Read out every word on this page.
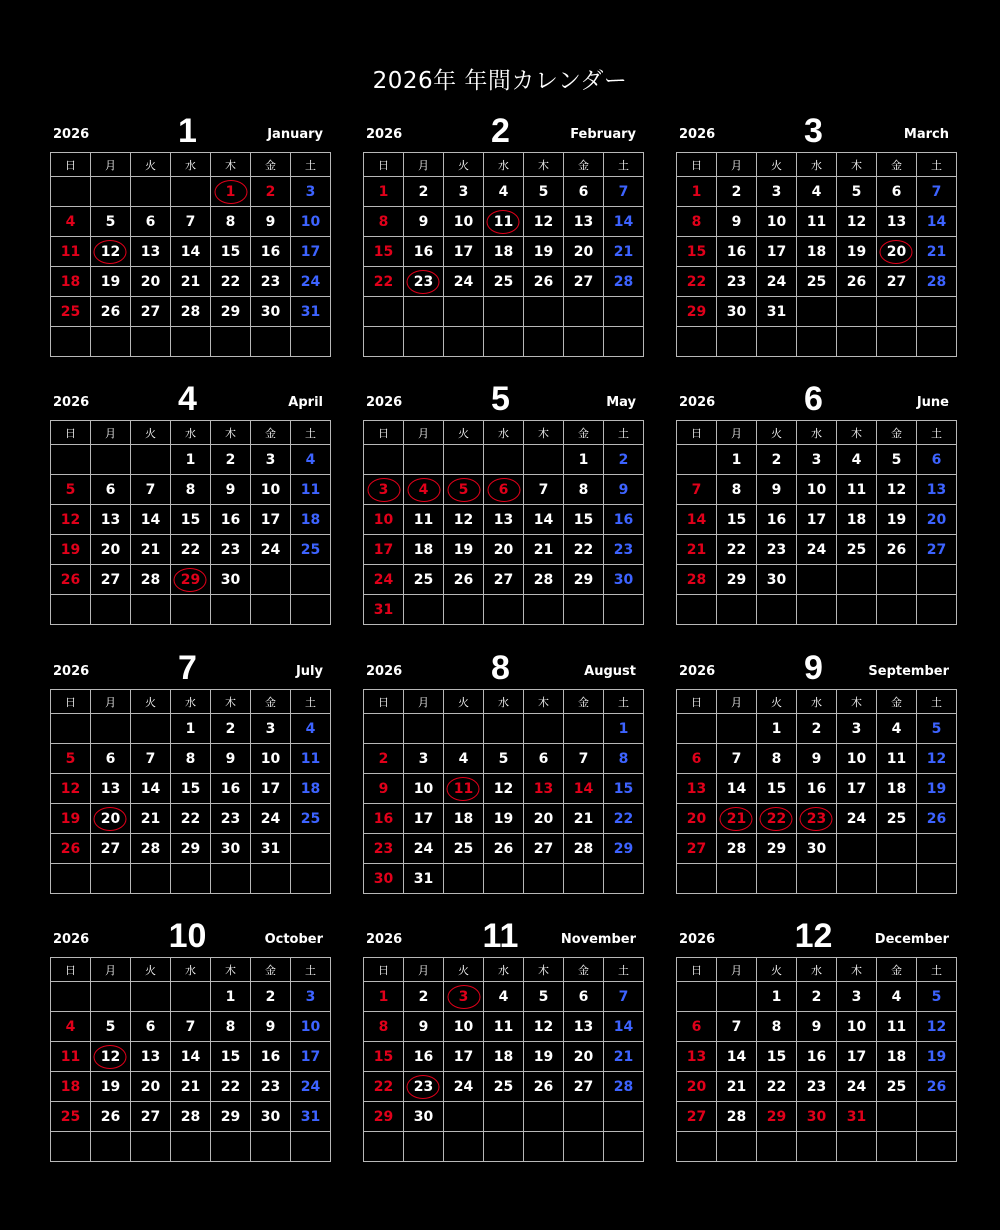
2026年 年間カレンダー
2026	1	January
日	月	火	水	木	金	土
				1	2	3
4	5	6	7	8	9	10
11	12	13	14	15	16	17
18	19	20	21	22	23	24
25	26	27	28	29	30	31

2026	2	February
日	月	火	水	木	金	土
1	2	3	4	5	6	7
8	9	10	11	12	13	14
15	16	17	18	19	20	21
22	23	24	25	26	27	28

2026	3	March
日	月	火	水	木	金	土
1	2	3	4	5	6	7
8	9	10	11	12	13	14
15	16	17	18	19	20	21
22	23	24	25	26	27	28
29	30	31				

2026	4	April
日	月	火	水	木	金	土
			1	2	3	4
5	6	7	8	9	10	11
12	13	14	15	16	17	18
19	20	21	22	23	24	25
26	27	28	29	30		

2026	5	May
日	月	火	水	木	金	土
					1	2
3	4	5	6	7	8	9
10	11	12	13	14	15	16
17	18	19	20	21	22	23
24	25	26	27	28	29	30
31						
2026	6	June
日	月	火	水	木	金	土
	1	2	3	4	5	6
7	8	9	10	11	12	13
14	15	16	17	18	19	20
21	22	23	24	25	26	27
28	29	30				

2026	7	July
日	月	火	水	木	金	土
			1	2	3	4
5	6	7	8	9	10	11
12	13	14	15	16	17	18
19	20	21	22	23	24	25
26	27	28	29	30	31	

2026	8	August
日	月	火	水	木	金	土
						1
2	3	4	5	6	7	8
9	10	11	12	13	14	15
16	17	18	19	20	21	22
23	24	25	26	27	28	29
30	31					
2026	9	September
日	月	火	水	木	金	土
		1	2	3	4	5
6	7	8	9	10	11	12
13	14	15	16	17	18	19
20	21	22	23	24	25	26
27	28	29	30			

2026	10	October
日	月	火	水	木	金	土
				1	2	3
4	5	6	7	8	9	10
11	12	13	14	15	16	17
18	19	20	21	22	23	24
25	26	27	28	29	30	31

2026	11	November
日	月	火	水	木	金	土
1	2	3	4	5	6	7
8	9	10	11	12	13	14
15	16	17	18	19	20	21
22	23	24	25	26	27	28
29	30					

2026	12	December
日	月	火	水	木	金	土
		1	2	3	4	5
6	7	8	9	10	11	12
13	14	15	16	17	18	19
20	21	22	23	24	25	26
27	28	29	30	31		
